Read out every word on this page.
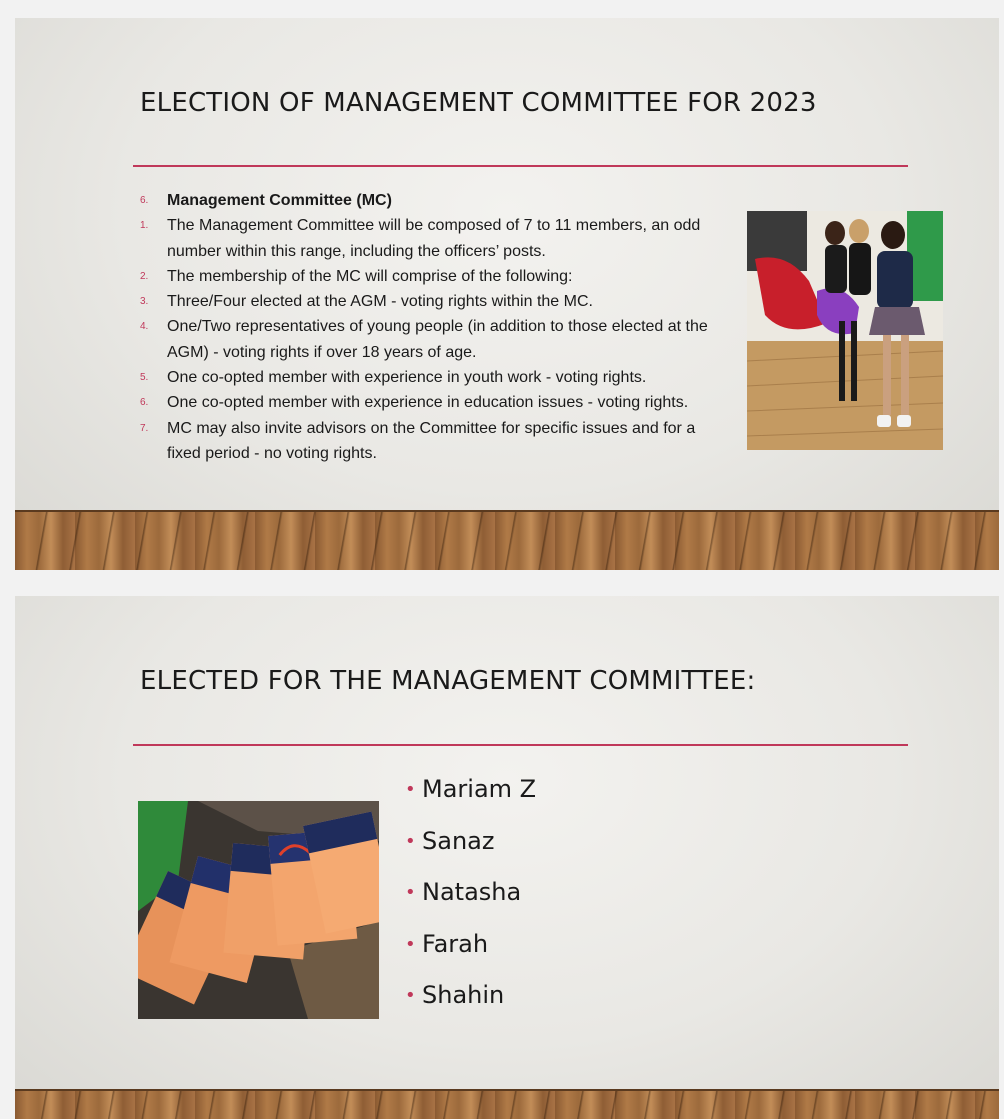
ELECTION OF MANAGEMENT COMMITTEE FOR 2023
6. Management Committee (MC)
1. The Management Committee will be composed of 7 to 11 members, an odd number within this range, including the officers’ posts.
2. The membership of the MC will comprise of the following:
3. Three/Four elected at the AGM - voting rights within the MC.
4. One/Two representatives of young people (in addition to those elected at the AGM) - voting rights if over 18 years of age.
5. One co-opted member with experience in youth work - voting rights.
6. One co-opted member with experience in education issues - voting rights.
7. MC may also invite advisors on the Committee for specific issues and for a fixed period - no voting rights.
ELECTED FOR THE MANAGEMENT COMMITTEE:
• Mariam Z
• Sanaz
• Natasha
• Farah
• Shahin
